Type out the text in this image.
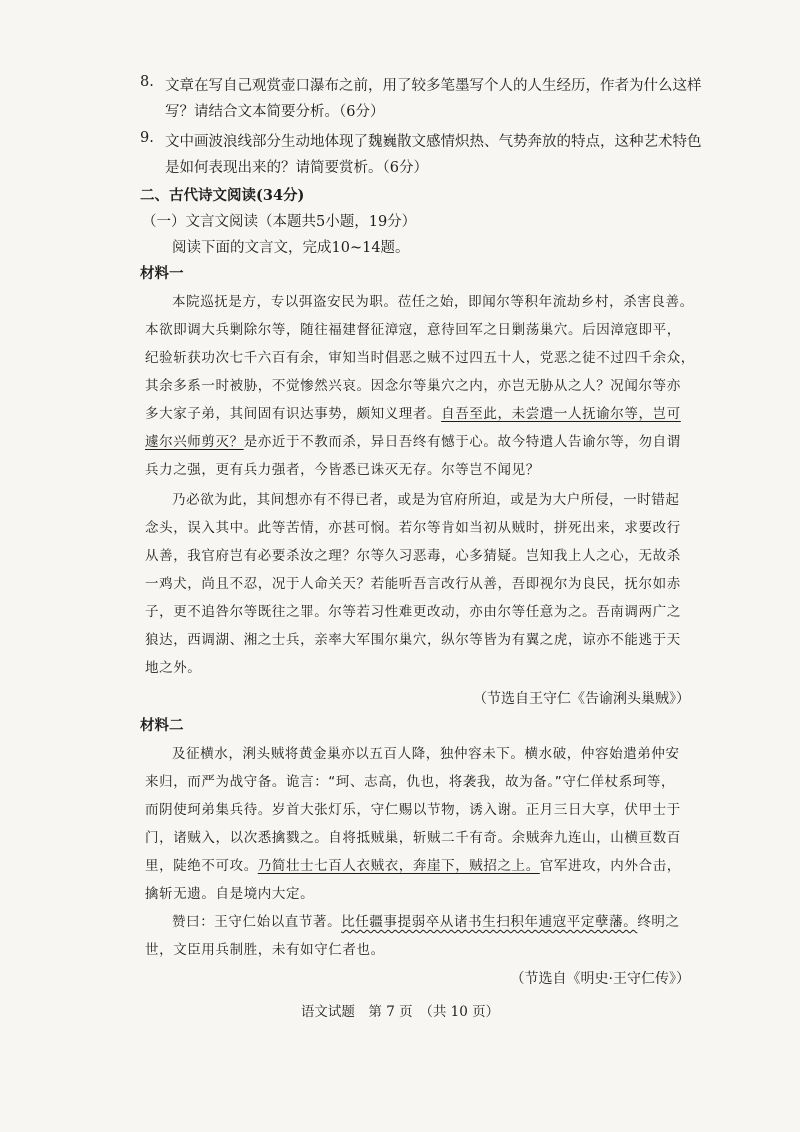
8. 文章在写自己观赏壶口瀑布之前，用了较多笔墨写个人的人生经历，作者为什么这样
写？请结合文本简要分析。（6分）
9. 文中画波浪线部分生动地体现了魏巍散文感情炽热、气势奔放的特点，这种艺术特色
是如何表现出来的？请简要赏析。（6分）
二、古代诗文阅读(34分)
（一）文言文阅读（本题共5小题，19分）
阅读下面的文言文，完成10~14题。
材料一
本院巡抚是方，专以弭盗安民为职。莅任之始，即闻尔等积年流劫乡村，杀害良善。
本欲即调大兵剿除尔等，随往福建督征漳寇，意待回军之日剿荡巢穴。后因漳寇即平，
纪验斩获功次七千六百有余，审知当时倡恶之贼不过四五十人，党恶之徒不过四千余众，
其余多系一时被胁，不觉惨然兴哀。因念尔等巢穴之内，亦岂无胁从之人？况闻尔等亦
多大家子弟，其间固有识达事势，颇知义理者。自吾至此，未尝遣一人抚谕尔等，岂可
遽尔兴师剪灭？是亦近于不教而杀，异日吾终有憾于心。故今特遣人告谕尔等，勿自谓
兵力之强，更有兵力强者，今皆悉已诛灭无存。尔等岂不闻见？
乃必欲为此，其间想亦有不得已者，或是为官府所迫，或是为大户所侵，一时错起
念头，误入其中。此等苦情，亦甚可悯。若尔等肯如当初从贼时，拼死出来，求要改行
从善，我官府岂有必要杀汝之理？尔等久习恶毒，心多猜疑。岂知我上人之心，无故杀
一鸡犬，尚且不忍，况于人命关天？若能听吾言改行从善，吾即视尔为良民，抚尔如赤
子，更不追咎尔等既往之罪。尔等若习性难更改动，亦由尔等任意为之。吾南调两广之
狼达，西调湖、湘之士兵，亲率大军围尔巢穴，纵尔等皆为有翼之虎，谅亦不能逃于天
地之外。
（节选自王守仁《告谕浰头巢贼》）
材料二
及征横水，浰头贼将黄金巢亦以五百人降，独仲容未下。横水破，仲容始遣弟仲安
来归，而严为战守备。诡言：“珂、志高，仇也，将袭我，故为备。”守仁佯杖系珂等，
而阴使珂弟集兵待。岁首大张灯乐，守仁赐以节物，诱入谢。正月三日大享，伏甲士于
门，诸贼入，以次悉擒戮之。自将抵贼巢，斩贼二千有奇。余贼奔九连山，山横亘数百
里，陡绝不可攻。乃简壮士七百人衣贼衣，奔崖下，贼招之上。官军进攻，内外合击，
擒斩无遗。自是境内大定。
赞曰：王守仁始以直节著。比任疆事提弱卒从诸书生扫积年逋寇平定孽藩。终明之
世，文臣用兵制胜，未有如守仁者也。
（节选自《明史·王守仁传》）
语文试题　第 7 页　（共 10 页）
